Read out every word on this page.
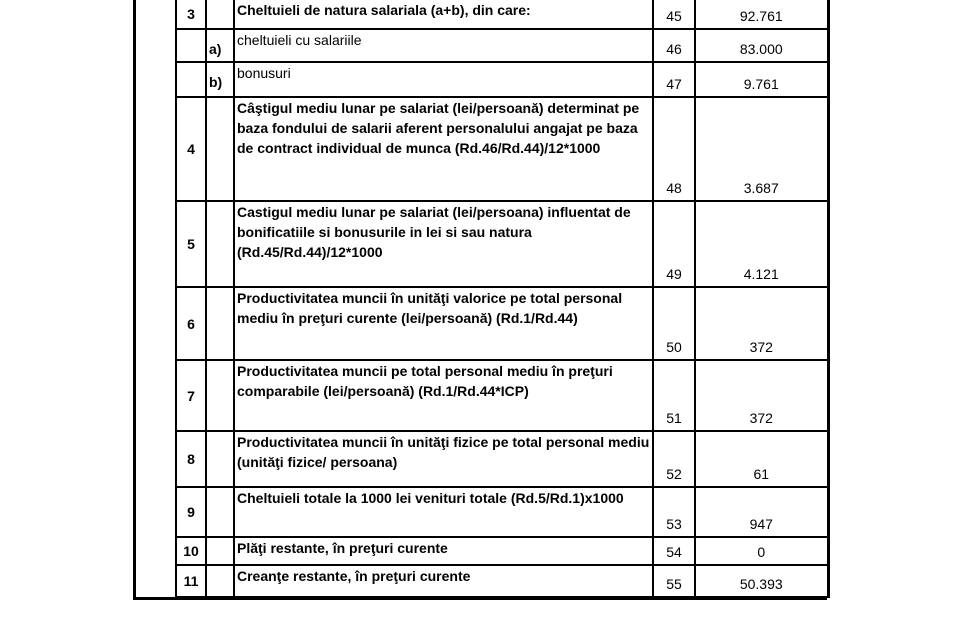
3		Cheltuieli de natura salariala (a+b), din care:	45	92.761
	a)	cheltuieli cu salariile	46	83.000
	b)	bonusuri	47	9.761
4		Câştigul mediu lunar pe salariat (lei/persoană) determinat pe baza fondului de salarii aferent personalului angajat pe baza de contract individual de munca (Rd.46/Rd.44)/12*1000	48	3.687
5		Castigul mediu lunar pe salariat (lei/persoana) influentat de bonificatiile si bonusurile in lei si sau natura (Rd.45/Rd.44)/12*1000	49	4.121
6		Productivitatea muncii în unităţi valorice pe total personal mediu în preţuri curente (lei/persoană) (Rd.1/Rd.44)	50	372
7		Productivitatea muncii pe total personal mediu în preţuri comparabile (lei/persoană) (Rd.1/Rd.44*ICP)	51	372
8		Productivitatea muncii în unităţi fizice pe total personal mediu (unităţi fizice/ persoana)	52	61
9		Cheltuieli totale la 1000 lei venituri totale (Rd.5/Rd.1)x1000	53	947
10		Plăţi restante, în preţuri curente	54	0
11		Creanţe restante, în preţuri curente	55	50.393
